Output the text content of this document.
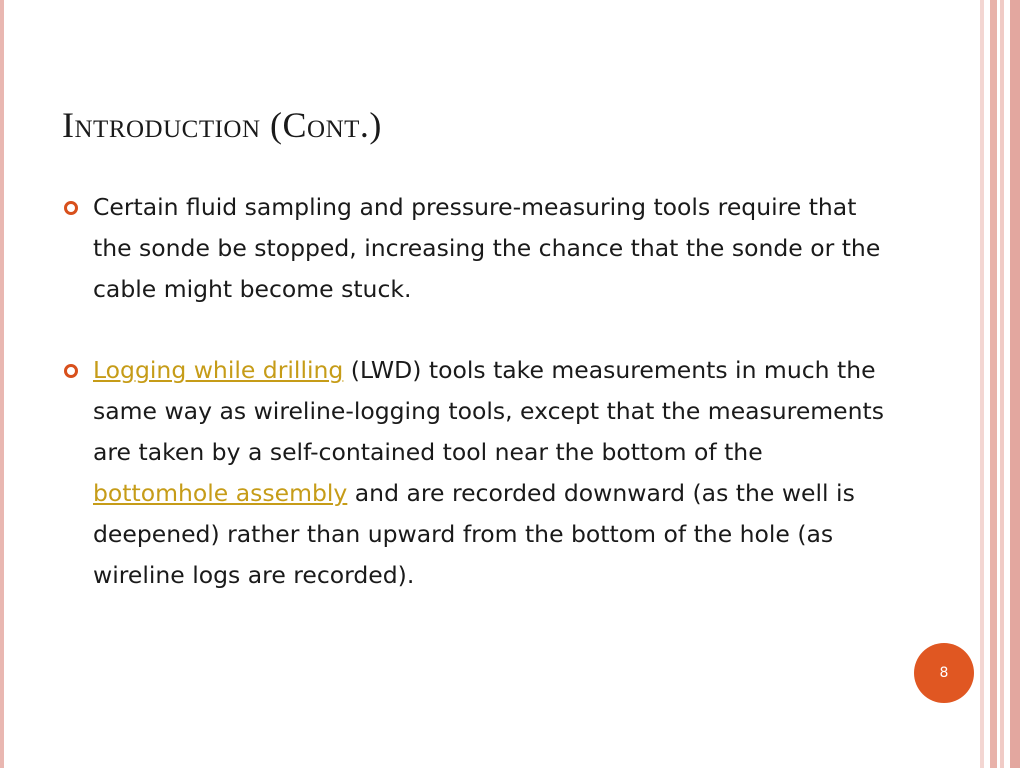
Introduction (Cont.)
Certain fluid sampling and pressure-measuring tools require that the sonde be stopped, increasing the chance that the sonde or the cable might become stuck.
Logging while drilling (LWD) tools take measurements in much the same way as wireline-logging tools, except that the measurements are taken by a self-contained tool near the bottom of the bottomhole assembly and are recorded downward (as the well is deepened) rather than upward from the bottom of the hole (as wireline logs are recorded).
8
